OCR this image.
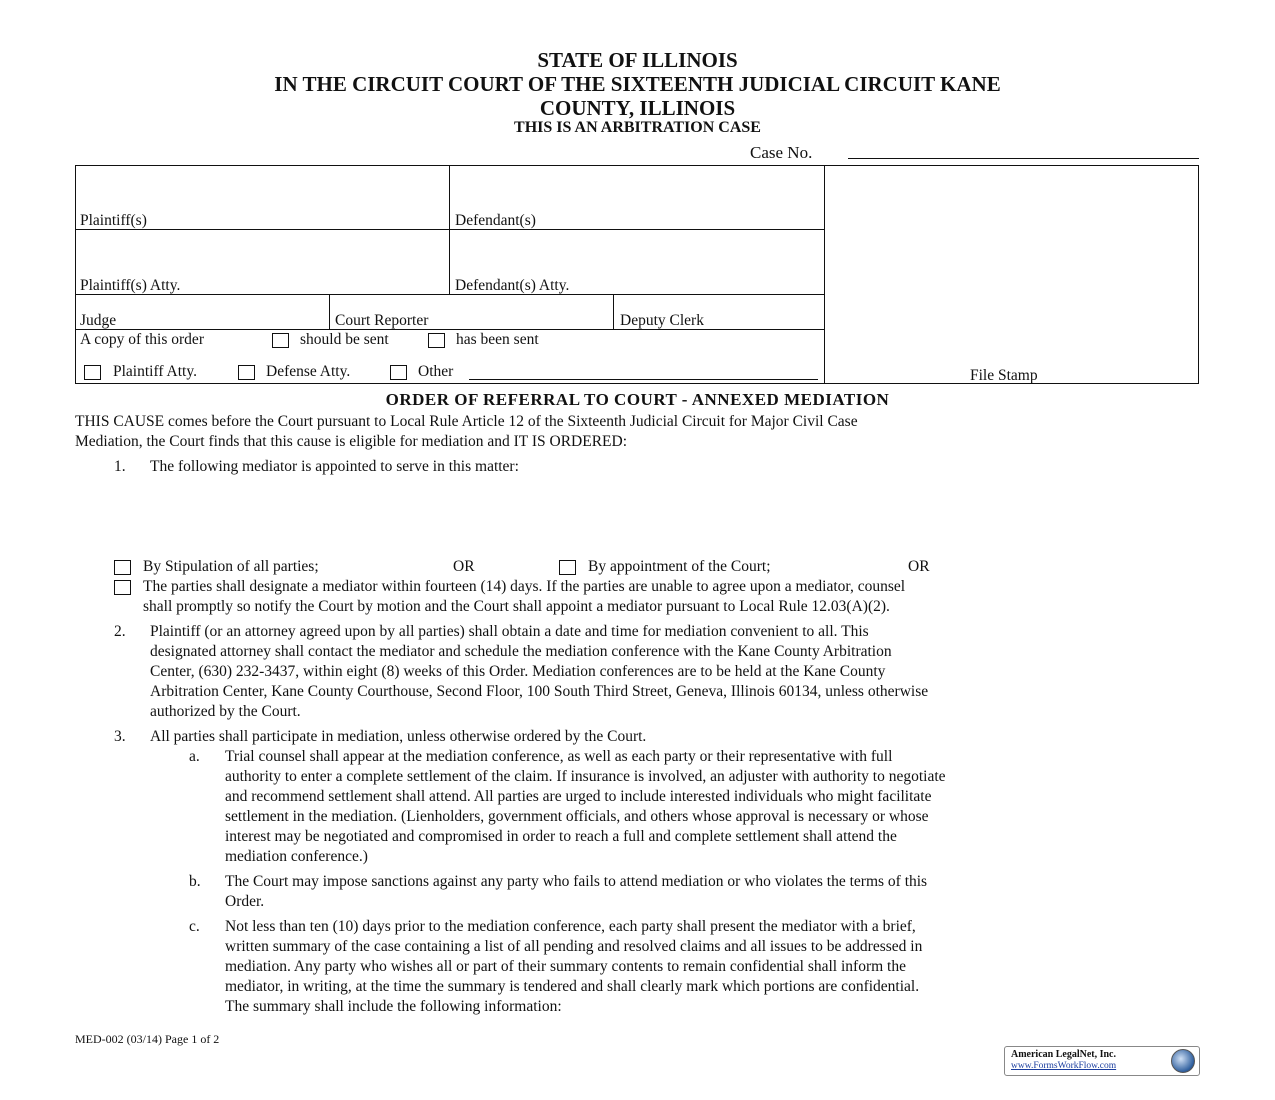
STATE OF ILLINOIS
IN THE CIRCUIT COURT OF THE SIXTEENTH JUDICIAL CIRCUIT KANE
COUNTY, ILLINOIS
THIS IS AN ARBITRATION CASE
Case No.
Plaintiff(s)	Defendant(s)
Plaintiff(s) Atty.	Defendant(s) Atty.
Judge	Court Reporter	Deputy Clerk
A copy of this order	should be sent	has been sent
Plaintiff Atty.	Defense Atty.	Other	File Stamp
ORDER OF REFERRAL TO COURT - ANNEXED MEDIATION
THIS CAUSE comes before the Court pursuant to Local Rule Article 12 of the Sixteenth Judicial Circuit for Major Civil Case
Mediation, the Court finds that this cause is eligible for mediation and IT IS ORDERED:
1. The following mediator is appointed to serve in this matter:
By Stipulation of all parties;	OR	By appointment of the Court;	OR
The parties shall designate a mediator within fourteen (14) days. If the parties are unable to agree upon a mediator, counsel
shall promptly so notify the Court by motion and the Court shall appoint a mediator pursuant to Local Rule 12.03(A)(2).
2. Plaintiff (or an attorney agreed upon by all parties) shall obtain a date and time for mediation convenient to all. This
designated attorney shall contact the mediator and schedule the mediation conference with the Kane County Arbitration
Center, (630) 232-3437, within eight (8) weeks of this Order. Mediation conferences are to be held at the Kane County
Arbitration Center, Kane County Courthouse, Second Floor, 100 South Third Street, Geneva, Illinois 60134, unless otherwise
authorized by the Court.
3. All parties shall participate in mediation, unless otherwise ordered by the Court.
a. Trial counsel shall appear at the mediation conference, as well as each party or their representative with full
authority to enter a complete settlement of the claim. If insurance is involved, an adjuster with authority to negotiate
and recommend settlement shall attend. All parties are urged to include interested individuals who might facilitate
settlement in the mediation. (Lienholders, government officials, and others whose approval is necessary or whose
interest may be negotiated and compromised in order to reach a full and complete settlement shall attend the
mediation conference.)
b. The Court may impose sanctions against any party who fails to attend mediation or who violates the terms of this
Order.
c. Not less than ten (10) days prior to the mediation conference, each party shall present the mediator with a brief,
written summary of the case containing a list of all pending and resolved claims and all issues to be addressed in
mediation. Any party who wishes all or part of their summary contents to remain confidential shall inform the
mediator, in writing, at the time the summary is tendered and shall clearly mark which portions are confidential.
The summary shall include the following information:
MED-002 (03/14) Page 1 of 2
American LegalNet, Inc.
www.FormsWorkFlow.com
